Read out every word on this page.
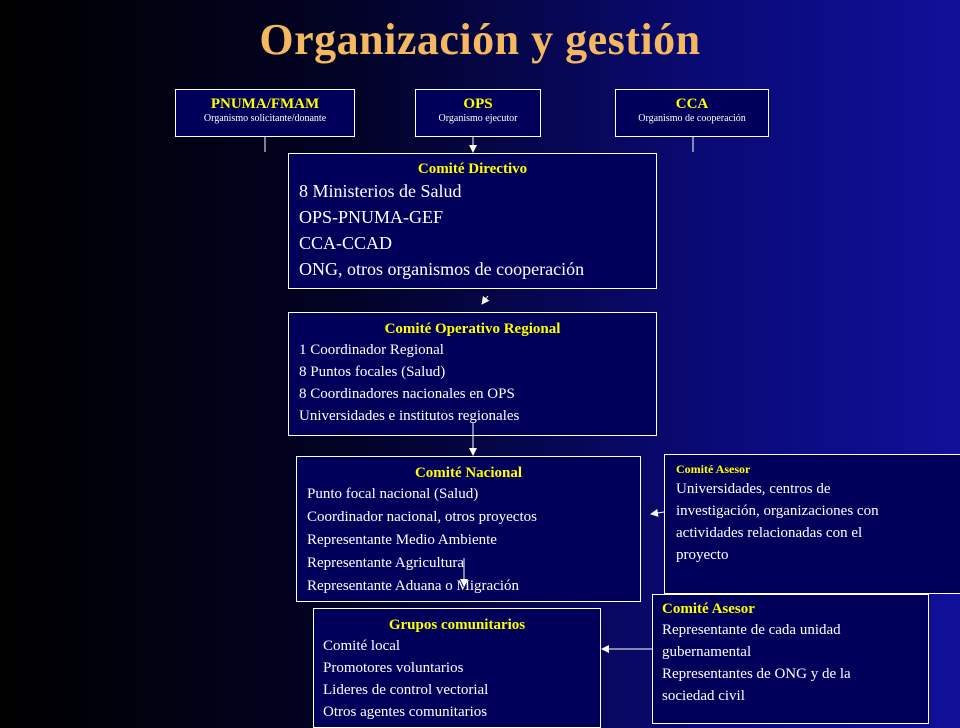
Organización y gestión
PNUMA/FMAM
Organismo solicitante/donante
OPS
Organismo ejecutor
CCA
Organismo de cooperación
Comité Directivo
8 Ministerios de Salud
OPS-PNUMA-GEF
CCA-CCAD
ONG, otros organismos de cooperación
Comité Operativo Regional
1 Coordinador Regional
8 Puntos focales (Salud)
8 Coordinadores nacionales en OPS
Universidades e institutos regionales
Comité Nacional
Punto focal nacional (Salud)
Coordinador nacional, otros proyectos
Representante Medio Ambiente
Representante Agricultura
Representante Aduana o Migración
Comité Asesor
Universidades, centros de
investigación, organizaciones con
actividades relacionadas con el
proyecto
Grupos comunitarios
Comité local
Promotores voluntarios
Lideres de control vectorial
Otros agentes comunitarios
Comité Asesor
Representante de cada unidad
gubernamental
Representantes de ONG y de la
sociedad civil
